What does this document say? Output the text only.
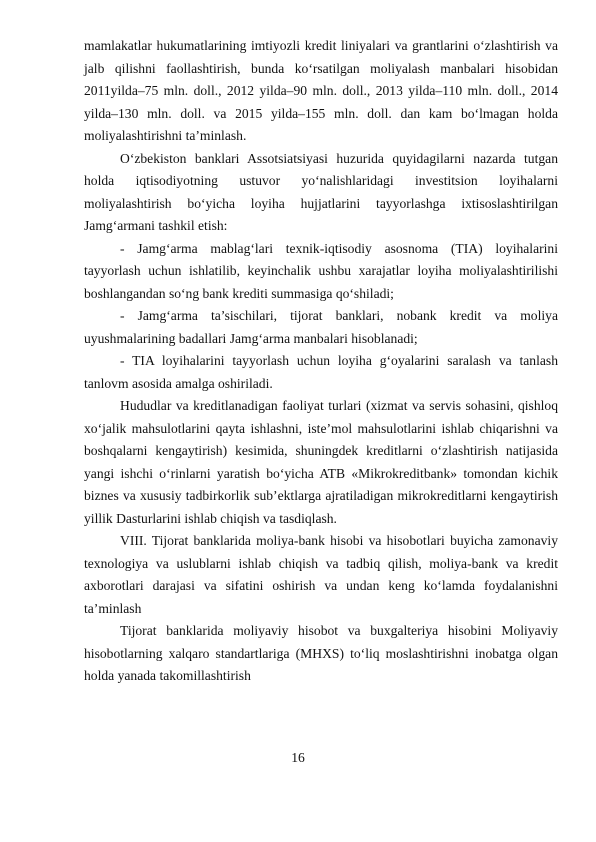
mamlakatlar hukumatlarining imtiyozli kredit liniyalari va grantlarini o‘zlashtirish va jalb qilishni faollashtirish, bunda ko‘rsatilgan moliyalash manbalari hisobidan 2011yilda–75 mln. doll., 2012 yilda–90 mln. doll., 2013 yilda–110 mln. doll., 2014 yilda–130 mln. doll. va 2015 yilda–155 mln. doll. dan kam bo‘lmagan holda moliyalashtirishni ta’minlash.

O‘zbekiston banklari Assotsiatsiyasi huzurida quyidagilarni nazarda tutgan holda iqtisodiyotning ustuvor yo‘nalishlaridagi investitsion loyihalarni moliyalashtirish bo‘yicha loyiha hujjatlarini tayyorlashga ixtisoslashtirilgan Jamg‘armani tashkil etish:

- Jamg‘arma mablag‘lari texnik-iqtisodiy asosnoma (TIA) loyihalarini tayyorlash uchun ishlatilib, keyinchalik ushbu xarajatlar loyiha moliyalashtirilishi boshlangandan so‘ng bank krediti summasiga qo‘shiladi;

- Jamg‘arma ta’sischilari, tijorat banklari, nobank kredit va moliya uyushmalarining badallari Jamg‘arma manbalari hisoblanadi;

- TIA loyihalarini tayyorlash uchun loyiha g‘oyalarini saralash va tanlash tanlovm asosida amalga oshiriladi.

Hududlar va kreditlanadigan faoliyat turlari (xizmat va servis sohasini, qishloq xo‘jalik mahsulotlarini qayta ishlashni, iste’mol mahsulotlarini ishlab chiqarishni va boshqalarni kengaytirish) kesimida, shuningdek kreditlarni o‘zlashtirish natijasida yangi ishchi o‘rinlarni yaratish bo‘yicha ATB «Mikrokreditbank» tomondan kichik biznes va xususiy tadbirkorlik sub’ektlarga ajratiladigan mikrokreditlarni kengaytirish yillik Dasturlarini ishlab chiqish va tasdiqlash.

VIII. Tijorat banklarida moliya-bank hisobi va hisobotlari buyicha zamonaviy texnologiya va uslublarni ishlab chiqish va tadbiq qilish, moliya-bank va kredit axborotlari darajasi va sifatini oshirish va undan keng ko‘lamda foydalanishni ta’minlash

Tijorat banklarida moliyaviy hisobot va buxgalteriya hisobini Moliyaviy hisobotlarning xalqaro standartlariga (MHXS) to‘liq moslashtirishni inobatga olgan holda yanada takomillashtirish

16
